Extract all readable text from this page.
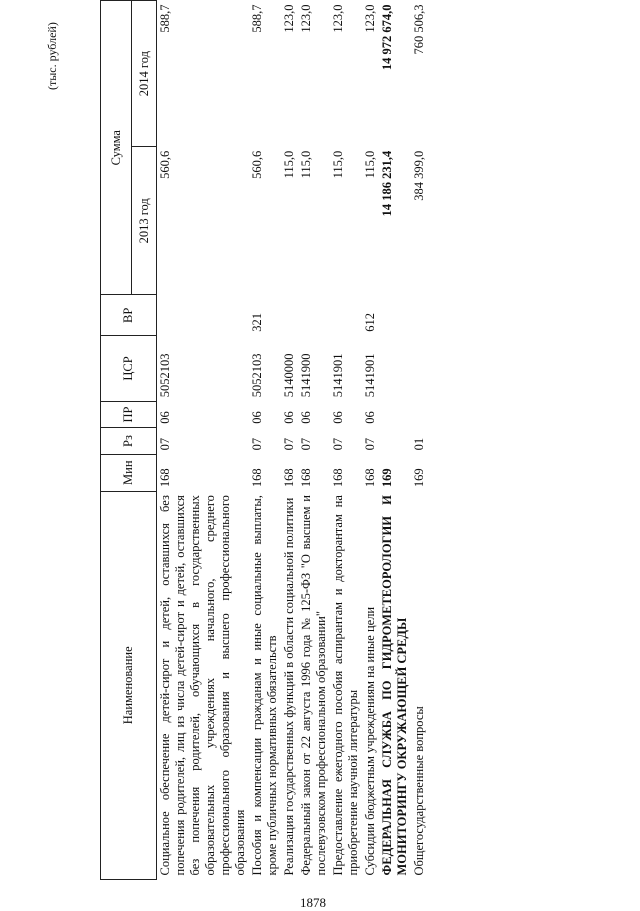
1878
(тыс. рублей)
Наименование	Мин	Рз	ПР	ЦСР	ВР	Сумма	
						2013 год	2014 год
Социальное обеспечение детей-сирот и детей, оставшихся без попечения родителей, лиц из числа детей-сирот и детей, оставшихся без попечения родителей, обучающихся в государственных образовательных учреждениях начального, среднего профессионального образования и высшего профессионального образования	168	07	06	5052103		560,6	588,7
Пособия и компенсации гражданам и иные социальные выплаты, кроме публичных нормативных обязательств	168	07	06	5052103	321	560,6	588,7
Реализация государственных функций в области социальной политики	168	07	06	5140000		115,0	123,0
Федеральный закон от 22 августа 1996 года № 125-ФЗ "О высшем и послевузовском профессиональном образовании"	168	07	06	5141900		115,0	123,0
Предоставление ежегодного пособия аспирантам и докторантам на приобретение научной литературы	168	07	06	5141901		115,0	123,0
Субсидии бюджетным учреждениям на иные цели	168	07	06	5141901	612	115,0	123,0
ФЕДЕРАЛЬНАЯ СЛУЖБА ПО ГИДРОМЕТЕОРОЛОГИИ И МОНИТОРИНГУ ОКРУЖАЮЩЕЙ СРЕДЫ	169					14 186 231,4	14 972 674,0
Общегосударственные вопросы	169	01				384 399,0	760 506,3
